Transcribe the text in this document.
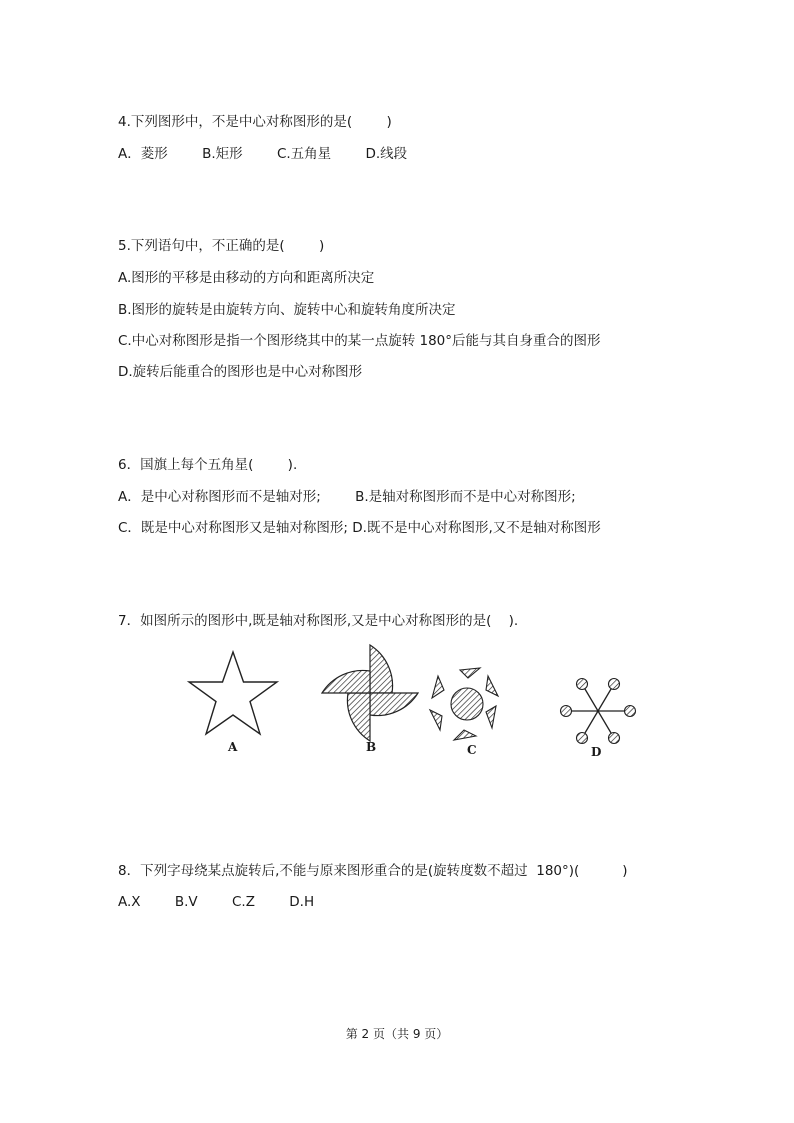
4.下列图形中，不是中心对称图形的是(        )

A．菱形        B.矩形        C.五角星        D.线段

5.下列语句中，不正确的是(        )

A.图形的平移是由移动的方向和距离所决定

B.图形的旋转是由旋转方向、旋转中心和旋转角度所决定

C.中心对称图形是指一个图形绕其中的某一点旋转 180°后能与其自身重合的图形

D.旋转后能重合的图形也是中心对称图形

6．国旗上每个五角星(        ).

A．是中心对称图形而不是轴对形;        B.是轴对称图形而不是中心对称图形;

C．既是中心对称图形又是轴对称图形; D.既不是中心对称图形,又不是轴对称图形

7．如图所示的图形中,既是轴对称图形,又是中心对称图形的是(    ).

A	B	C	D

8．下列字母绕某点旋转后,不能与原来图形重合的是(旋转度数不超过  180°)(          )

A.X        B.V        C.Z        D.H

第 2 页（共 9 页）
